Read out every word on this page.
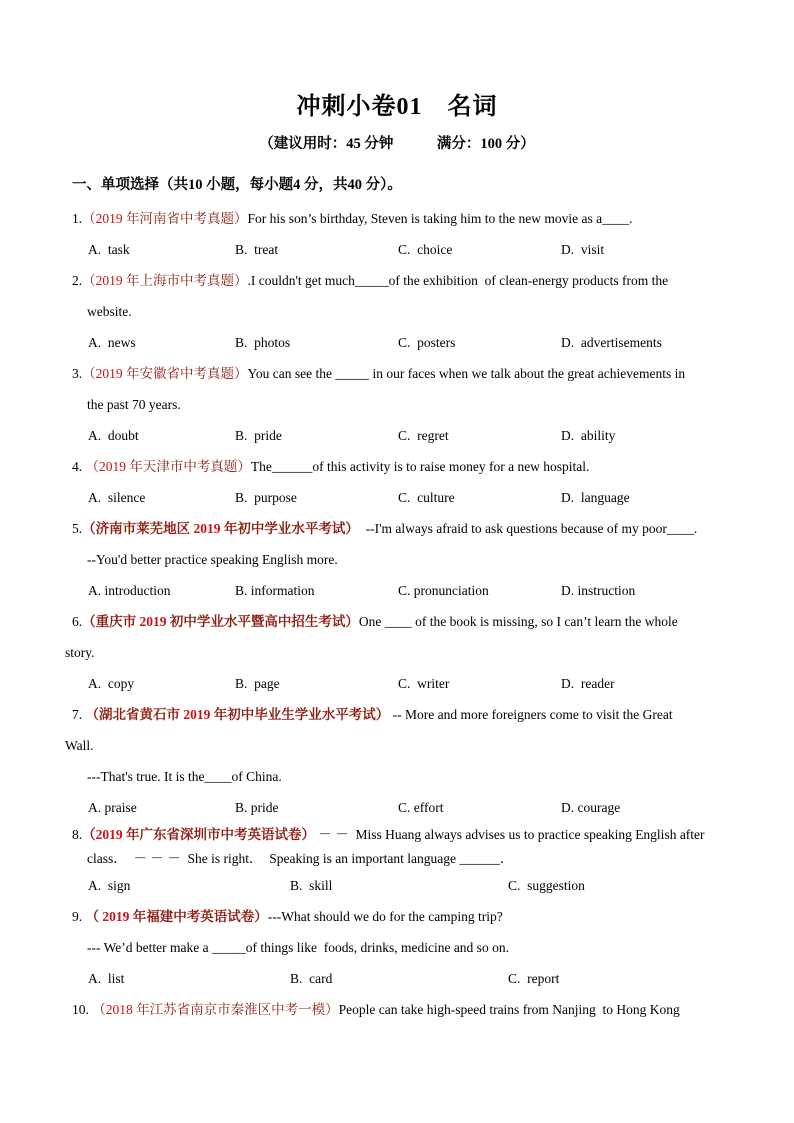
冲刺小卷01　名词
（建议用时：45 分钟　　　满分：100 分）
一、单项选择（共10 小题，每小题4 分，共40 分）。
1.（2019 年河南省中考真题）For his son’s birthday, Steven is taking him to the new movie as a____.
A.  task	B.  treat	C.  choice	D.  visit
2.（2019 年上海市中考真题）.I couldn't get much_____of the exhibition  of clean-energy products from the
website.
A.  news	B.  photos	C.  posters	D.  advertisements
3.（2019 年安徽省中考真题）You can see the _____ in our faces when we talk about the great achievements in
the past 70 years.
A.  doubt	B.  pride	C.  regret	D.  ability
4. （2019 年天津市中考真题）The______of this activity is to raise money for a new hospital.
A.  silence	B.  purpose	C.  culture	D.  language
5.（济南市莱芜地区 2019 年初中学业水平考试）  --I'm always afraid to ask questions because of my poor____.
--You'd better practice speaking English more.
A. introduction	B. information	C. pronunciation	D. instruction
6.（重庆市 2019 初中学业水平暨高中招生考试）One ____ of the book is missing, so I can’t learn the whole
story.
A.  copy	B.  page	C.  writer	D.  reader
7. （湖北省黄石市 2019 年初中毕业生学业水平考试） -- More and more foreigners come to visit the Great
Wall.
---That's true. It is the____of China.
A. praise	B. pride	C. effort	D. courage
8.（2019 年广东省深圳市中考英语试卷） － －  Miss Huang always advises us to practice speaking English after
class．　－ － －  She is right．　Speaking is an important language ______．
A.  sign	B.  skill	C.  suggestion
9. （ 2019 年福建中考英语试卷）---What should we do for the camping trip?
--- We’d better make a _____of things like  foods, drinks, medicine and so on.
A.  list	B.  card	C.  report
10. （2018 年江苏省南京市秦淮区中考一模）People can take high-speed trains from Nanjing  to Hong Kong
